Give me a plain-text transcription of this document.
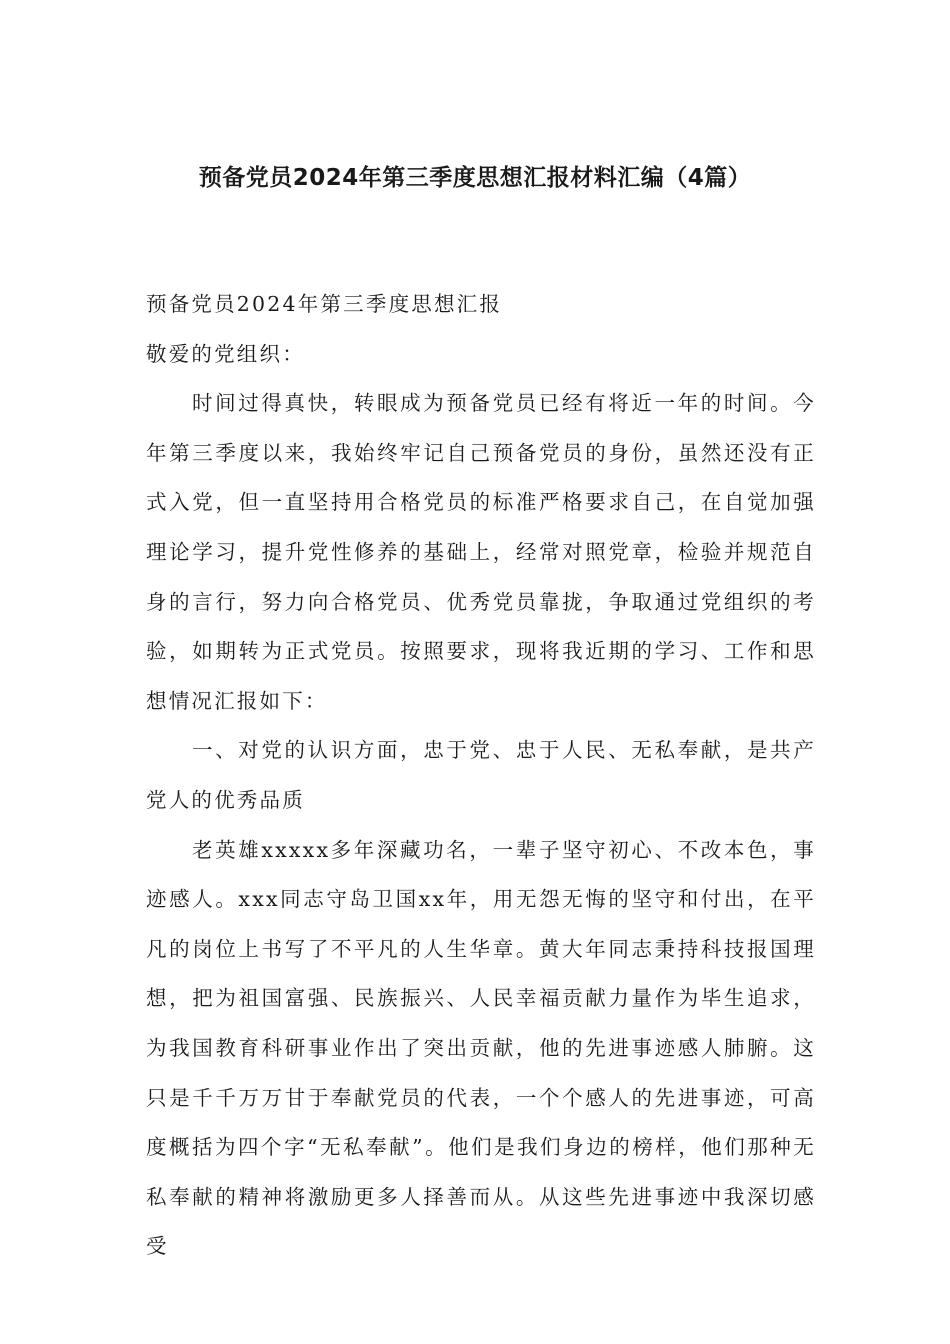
预备党员2024年第三季度思想汇报材料汇编（4篇）

预备党员2024年第三季度思想汇报

敬爱的党组织：

时间过得真快，转眼成为预备党员已经有将近一年的时间。今年第三季度以来，我始终牢记自己预备党员的身份，虽然还没有正式入党，但一直坚持用合格党员的标准严格要求自己，在自觉加强理论学习，提升党性修养的基础上，经常对照党章，检验并规范自身的言行，努力向合格党员、优秀党员靠拢，争取通过党组织的考验，如期转为正式党员。按照要求，现将我近期的学习、工作和思想情况汇报如下：

一、对党的认识方面，忠于党、忠于人民、无私奉献，是共产党人的优秀品质

老英雄xxxxx多年深藏功名，一辈子坚守初心、不改本色，事迹感人。xxx同志守岛卫国xx年，用无怨无悔的坚守和付出，在平凡的岗位上书写了不平凡的人生华章。黄大年同志秉持科技报国理想，把为祖国富强、民族振兴、人民幸福贡献力量作为毕生追求，为我国教育科研事业作出了突出贡献，他的先进事迹感人肺腑。这只是千千万万甘于奉献党员的代表，一个个感人的先进事迹，可高度概括为四个字“无私奉献”。他们是我们身边的榜样，他们那种无私奉献的精神将激励更多人择善而从。从这些先进事迹中我深切感受
